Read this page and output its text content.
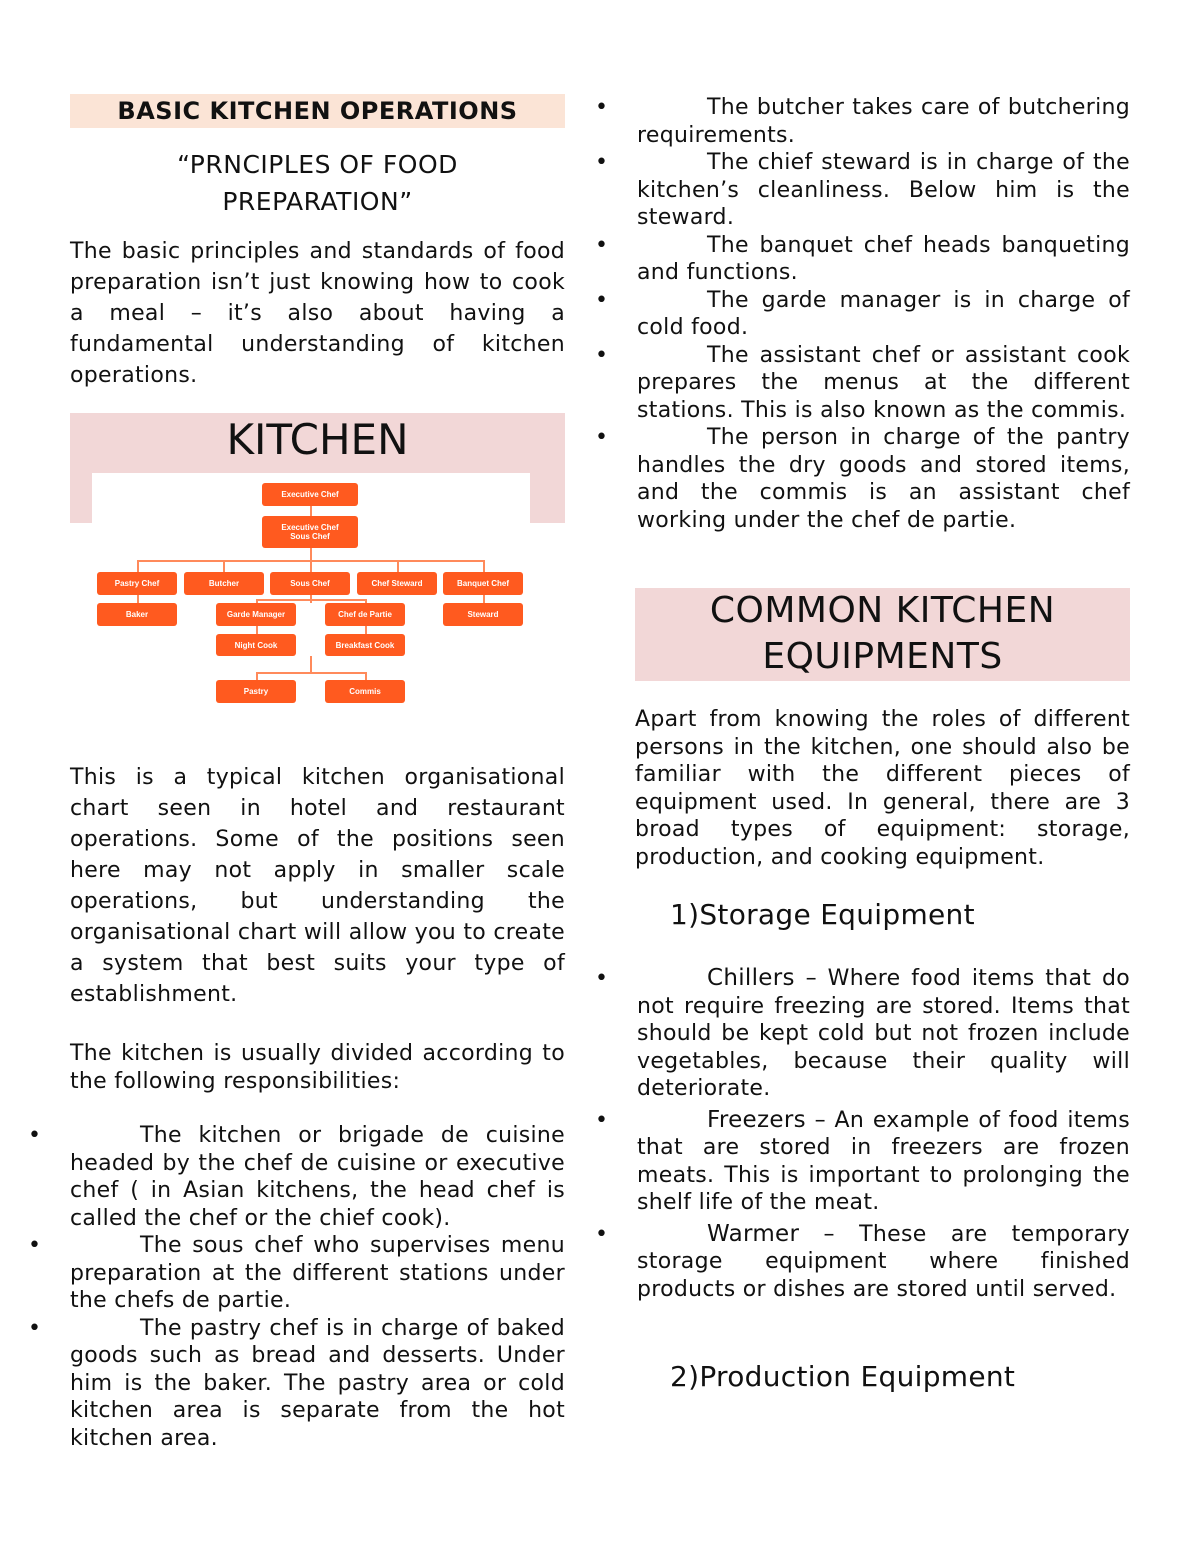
BASIC KITCHEN OPERATIONS
“PRNCIPLES OF FOOD
PREPARATION”

The basic principles and standards of food preparation isn’t just knowing how to cook a meal – it’s also about having a fundamental understanding of kitchen operations.

KITCHEN
Executive Chef
Executive Chef Sous Chef
Pastry Chef	Butcher	Sous Chef	Chef Steward	Banquet Chef
Baker	Garde Manager	Chef de Partie	Steward
Night Cook	Breakfast Cook
Pastry	Commis

This is a typical kitchen organisational chart seen in hotel and restaurant operations. Some of the positions seen here may not apply in smaller scale operations, but understanding the organisational chart will allow you to create a system that best suits your type of establishment.

The kitchen is usually divided according to the following responsibilities:

•	The kitchen or brigade de cuisine headed by the chef de cuisine or executive chef ( in Asian kitchens, the head chef is called the chef or the chief cook).
•	The sous chef who supervises menu preparation at the different stations under the chefs de partie.
•	The pastry chef is in charge of baked goods such as bread and desserts. Under him is the baker. The pastry area or cold kitchen area is separate from the hot kitchen area.
•	The butcher takes care of butchering requirements.
•	The chief steward is in charge of the kitchen’s cleanliness. Below him is the steward.
•	The banquet chef heads banqueting and functions.
•	The garde manager is in charge of cold food.
•	The assistant chef or assistant cook prepares the menus at the different stations. This is also known as the commis.
•	The person in charge of the pantry handles the dry goods and stored items, and the commis is an assistant chef working under the chef de partie.
COMMON KITCHEN
EQUIPMENTS

Apart from knowing the roles of different persons in the kitchen, one should also be familiar with the different pieces of equipment used. In general, there are 3 broad types of equipment: storage, production, and cooking equipment.

1)Storage Equipment
•	Chillers – Where food items that do not require freezing are stored. Items that should be kept cold but not frozen include vegetables, because their quality will deteriorate.
•	Freezers – An example of food items that are stored in freezers are frozen meats. This is important to prolonging the shelf life of the meat.
•	Warmer – These are temporary storage equipment where finished products or dishes are stored until served.
2)Production Equipment
